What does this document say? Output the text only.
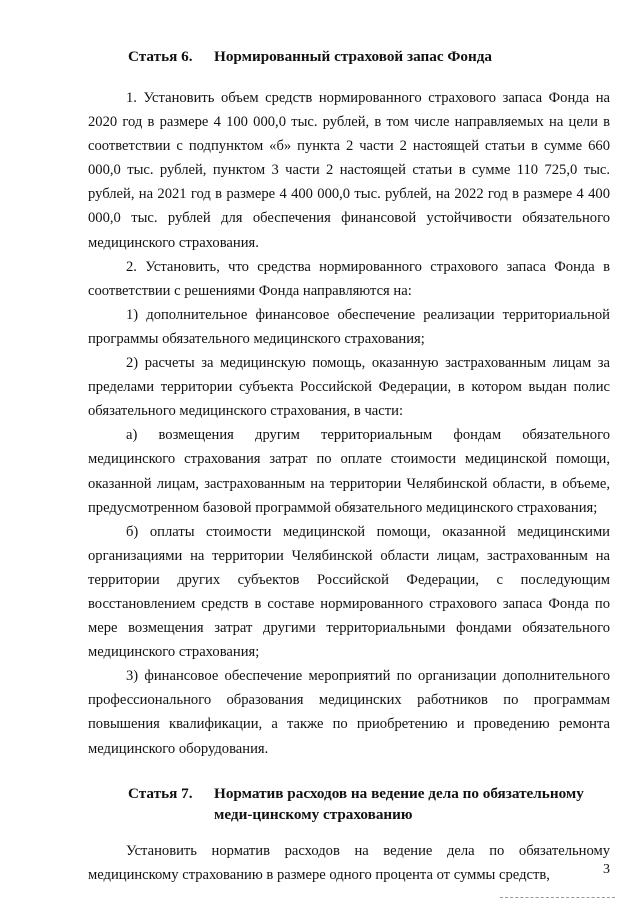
Статья 6.	Нормированный страховой запас Фонда

1. Установить объем средств нормированного страхового запаса Фонда на 2020 год в размере 4 100 000,0 тыс. рублей, в том числе направляемых на цели в соответствии с подпунктом «б» пункта 2 части 2 настоящей статьи в сумме 660 000,0 тыс. рублей, пунктом 3 части 2 настоящей статьи в сумме 110 725,0 тыс. рублей, на 2021 год в размере 4 400 000,0 тыс. рублей, на 2022 год в размере 4 400 000,0 тыс. рублей для обеспечения финансовой устойчивости обязательного медицинского страхования.

2. Установить, что средства нормированного страхового запаса Фонда в соответствии с решениями Фонда направляются на:

1) дополнительное финансовое обеспечение реализации территориальной программы обязательного медицинского страхования;

2) расчеты за медицинскую помощь, оказанную застрахованным лицам за пределами территории субъекта Российской Федерации, в котором выдан полис обязательного медицинского страхования, в части:

а) возмещения другим территориальным фондам обязательного медицинского страхования затрат по оплате стоимости медицинской помощи, оказанной лицам, застрахованным на территории Челябинской области, в объеме, предусмотренном базовой программой обязательного медицинского страхования;

б) оплаты стоимости медицинской помощи, оказанной медицинскими организациями на территории Челябинской области лицам, застрахованным на территории других субъектов Российской Федерации, с последующим восстановлением средств в составе нормированного страхового запаса Фонда по мере возмещения затрат другими территориальными фондами обязательного медицинского страхования;

3) финансовое обеспечение мероприятий по организации дополнительного профессионального образования медицинских работников по программам повышения квалификации, а также по приобретению и проведению ремонта медицинского оборудования.

Статья 7.	Норматив расходов на ведение дела по обязательному меди-цинскому страхованию

Установить норматив расходов на ведение дела по обязательному медицинскому страхованию в размере одного процента от суммы средств,	3
